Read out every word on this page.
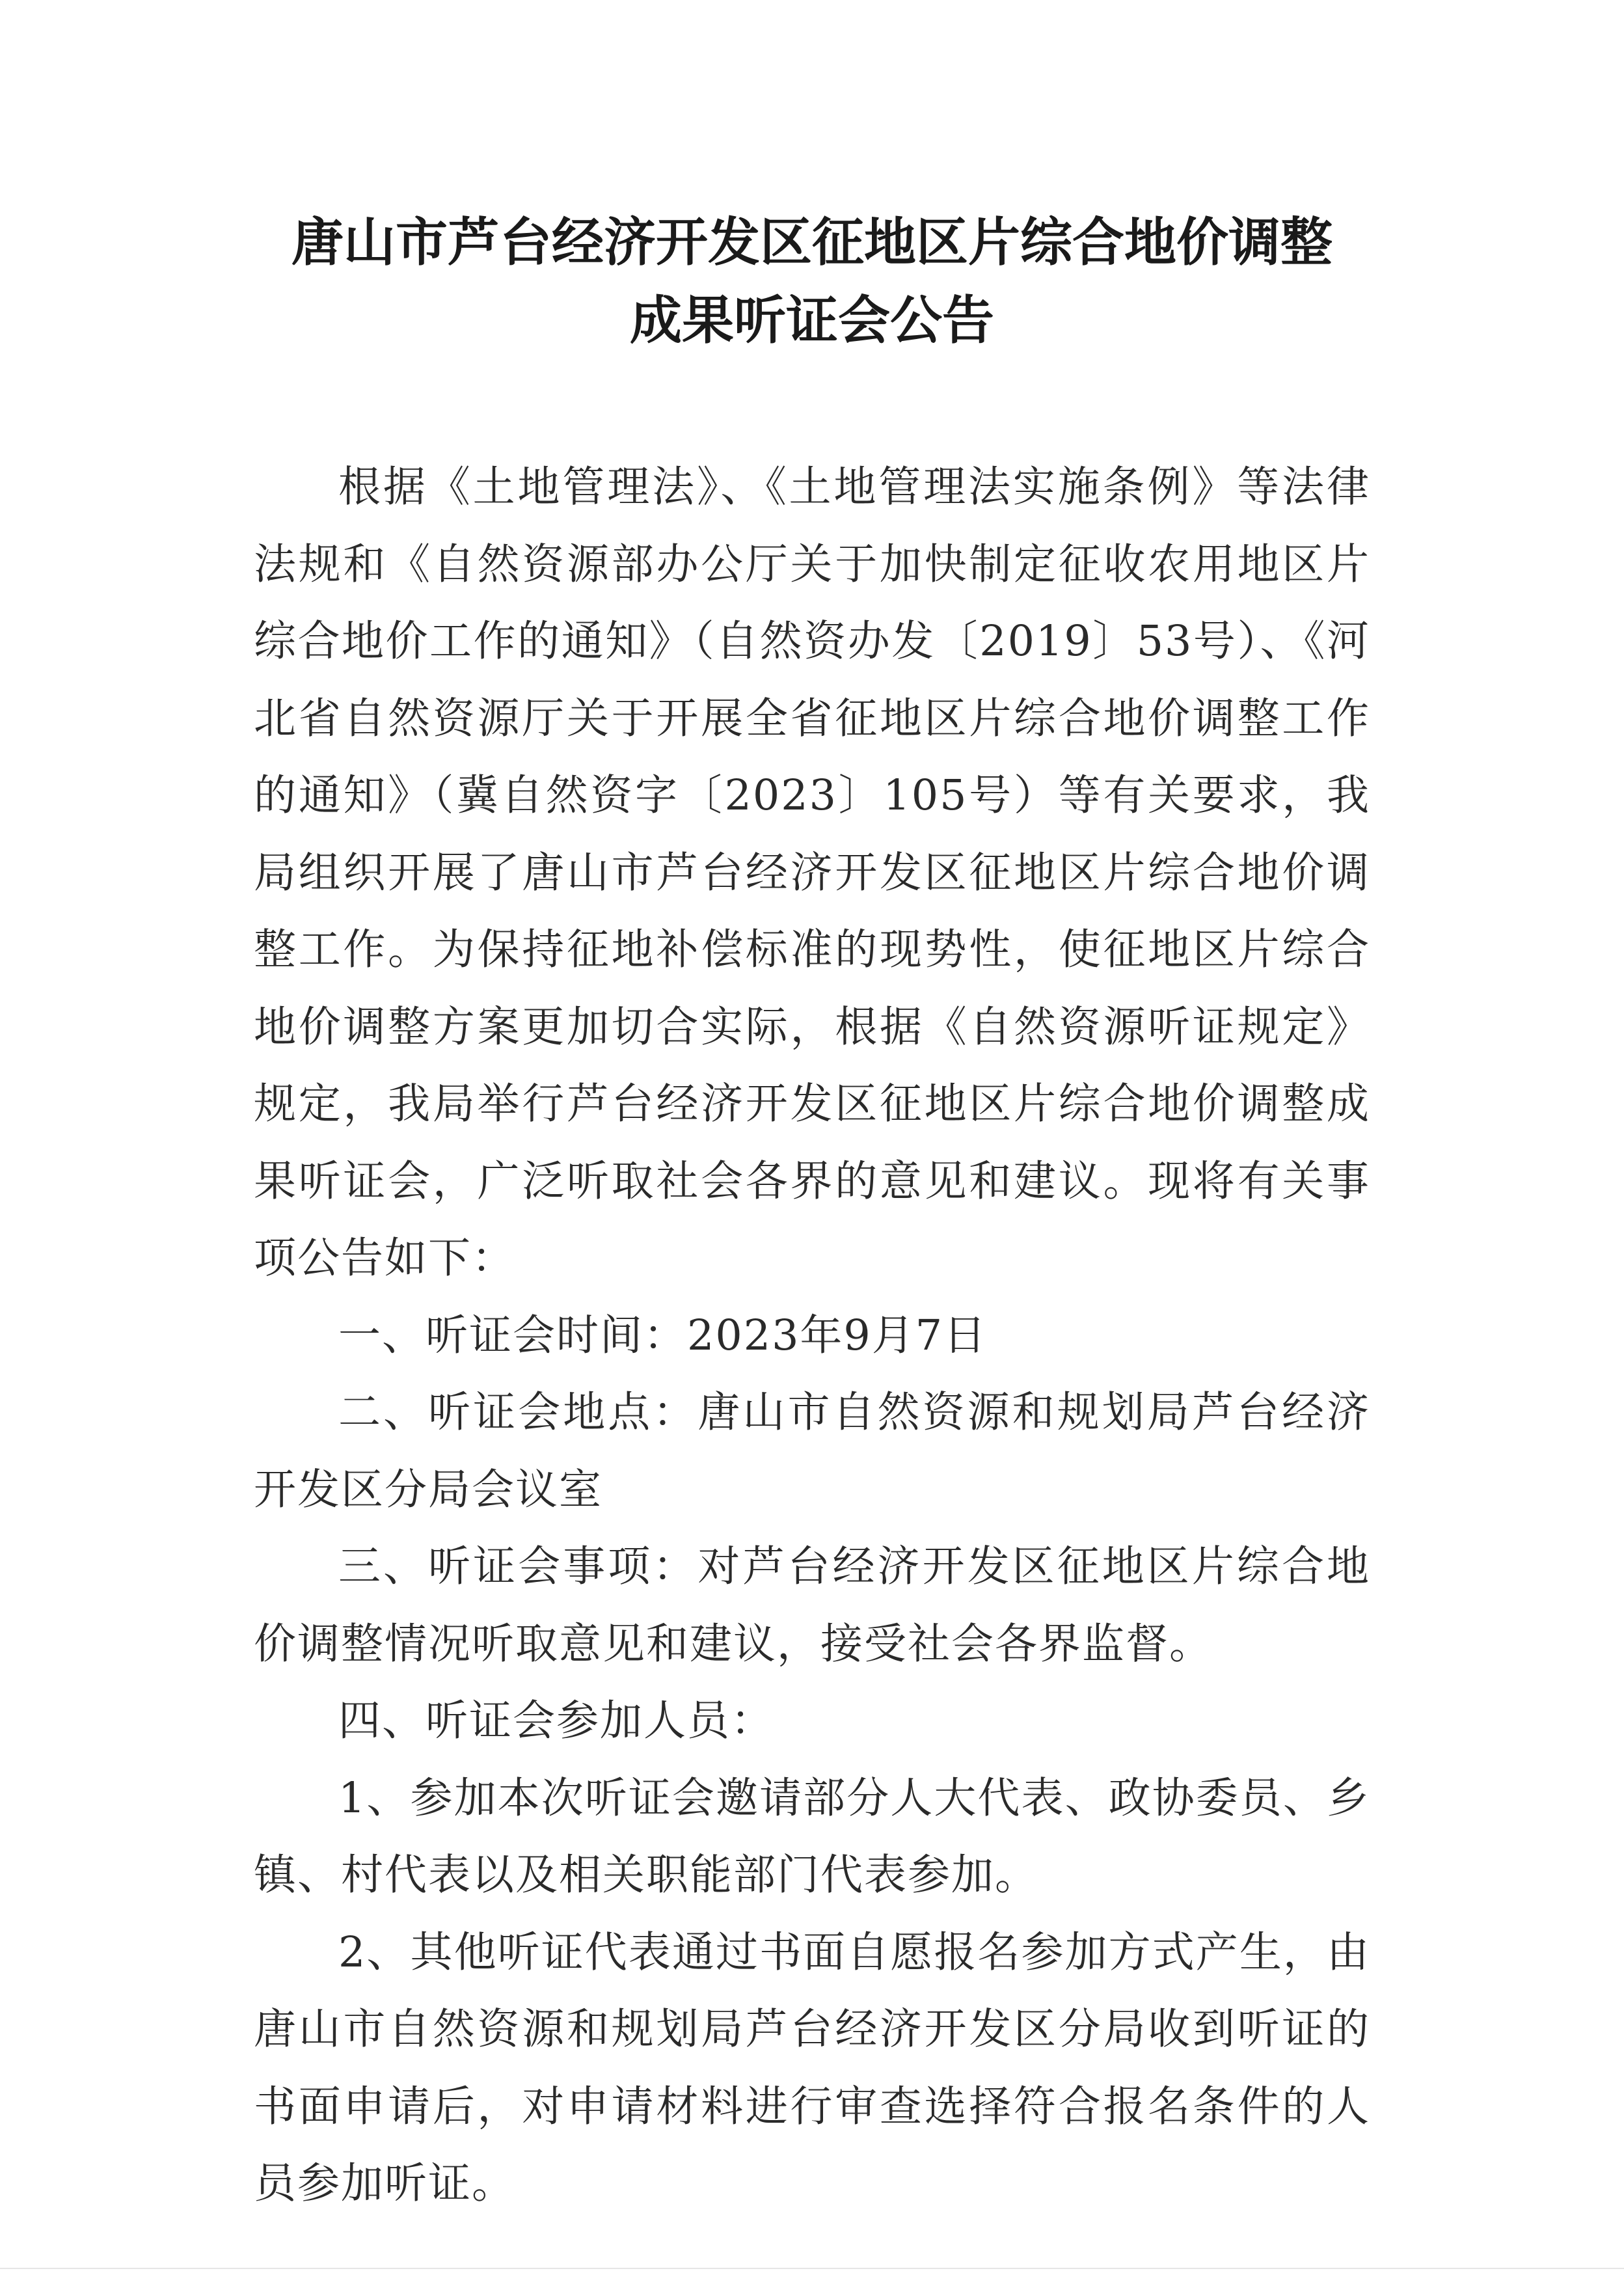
唐山市芦台经济开发区征地区片综合地价调整
成果听证会公告

根据《土地管理法》、《土地管理法实施条例》等法律法规和《自然资源部办公厅关于加快制定征收农用地区片综合地价工作的通知》（自然资办发〔2019〕53号）、《河北省自然资源厅关于开展全省征地区片综合地价调整工作的通知》（冀自然资字〔2023〕105号）等有关要求，我局组织开展了唐山市芦台经济开发区征地区片综合地价调整工作。为保持征地补偿标准的现势性，使征地区片综合地价调整方案更加切合实际，根据《自然资源听证规定》规定，我局举行芦台经济开发区征地区片综合地价调整成果听证会，广泛听取社会各界的意见和建议。现将有关事项公告如下：

一、听证会时间：2023年9月7日

二、听证会地点：唐山市自然资源和规划局芦台经济开发区分局会议室

三、听证会事项：对芦台经济开发区征地区片综合地价调整情况听取意见和建议，接受社会各界监督。

四、听证会参加人员：

1、参加本次听证会邀请部分人大代表、政协委员、乡镇、村代表以及相关职能部门代表参加。

2、其他听证代表通过书面自愿报名参加方式产生，由唐山市自然资源和规划局芦台经济开发区分局收到听证的书面申请后，对申请材料进行审查选择符合报名条件的人员参加听证。
